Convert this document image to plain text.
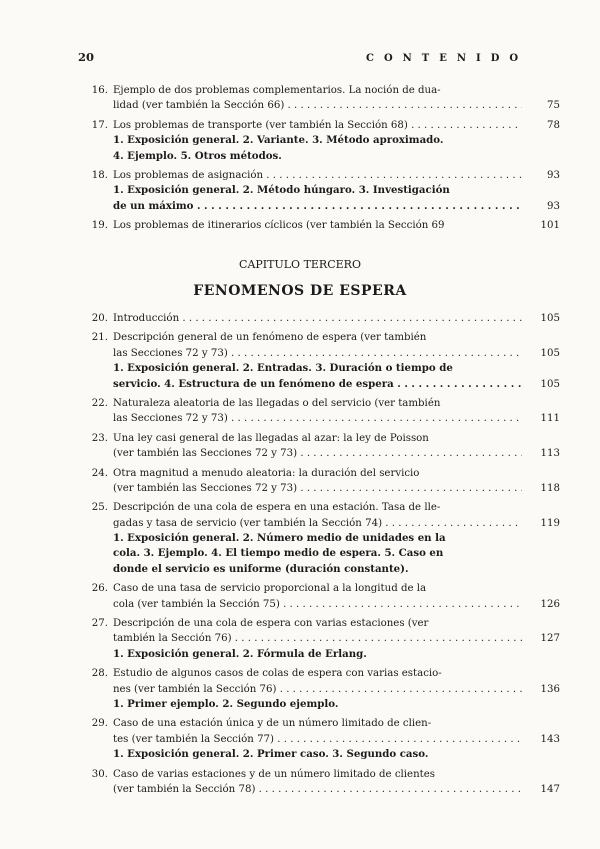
20	CONTENIDO
16. Ejemplo de dos problemas complementarios. La noción de dua-
lidad (ver también la Sección 66) . . .	75
17. Los problemas de transporte (ver también la Sección 68) . . .	78
1. Exposición general. 2. Variante. 3. Método aproximado.
4. Ejemplo. 5. Otros métodos.
18. Los problemas de asignación . . .	93
1. Exposición general. 2. Método húngaro. 3. Investigación
de un máximo . . .	93
19. Los problemas de itinerarios cíclicos (ver también la Sección 69	101
CAPITULO TERCERO
FENOMENOS DE ESPERA
20. Introducción . . .	105
21. Descripción general de un fenómeno de espera (ver también
las Secciones 72 y 73) . . .	105
1. Exposición general. 2. Entradas. 3. Duración o tiempo de
servicio. 4. Estructura de un fenómeno de espera . . .	105
22. Naturaleza aleatoria de las llegadas o del servicio (ver también
las Secciones 72 y 73) . . .	111
23. Una ley casi general de las llegadas al azar: la ley de Poisson
(ver también las Secciones 72 y 73) . . .	113
24. Otra magnitud a menudo aleatoria: la duración del servicio
(ver también las Secciones 72 y 73) . . .	118
25. Descripción de una cola de espera en una estación. Tasa de lle-
gadas y tasa de servicio (ver también la Sección 74) . . .	119
1. Exposición general. 2. Número medio de unidades en la
cola. 3. Ejemplo. 4. El tiempo medio de espera. 5. Caso en
donde el servicio es uniforme (duración constante).
26. Caso de una tasa de servicio proporcional a la longitud de la
cola (ver también la Sección 75) . . .	126
27. Descripción de una cola de espera con varias estaciones (ver
también la Sección 76) . . .	127
1. Exposición general. 2. Fórmula de Erlang.
28. Estudio de algunos casos de colas de espera con varias estacio-
nes (ver también la Sección 76) . . .	136
1. Primer ejemplo. 2. Segundo ejemplo.
29. Caso de una estación única y de un número limitado de clien-
tes (ver también la Sección 77) . . .	143
1. Exposición general. 2. Primer caso. 3. Segundo caso.
30. Caso de varias estaciones y de un número limitado de clientes
(ver también la Sección 78) . . .	147
